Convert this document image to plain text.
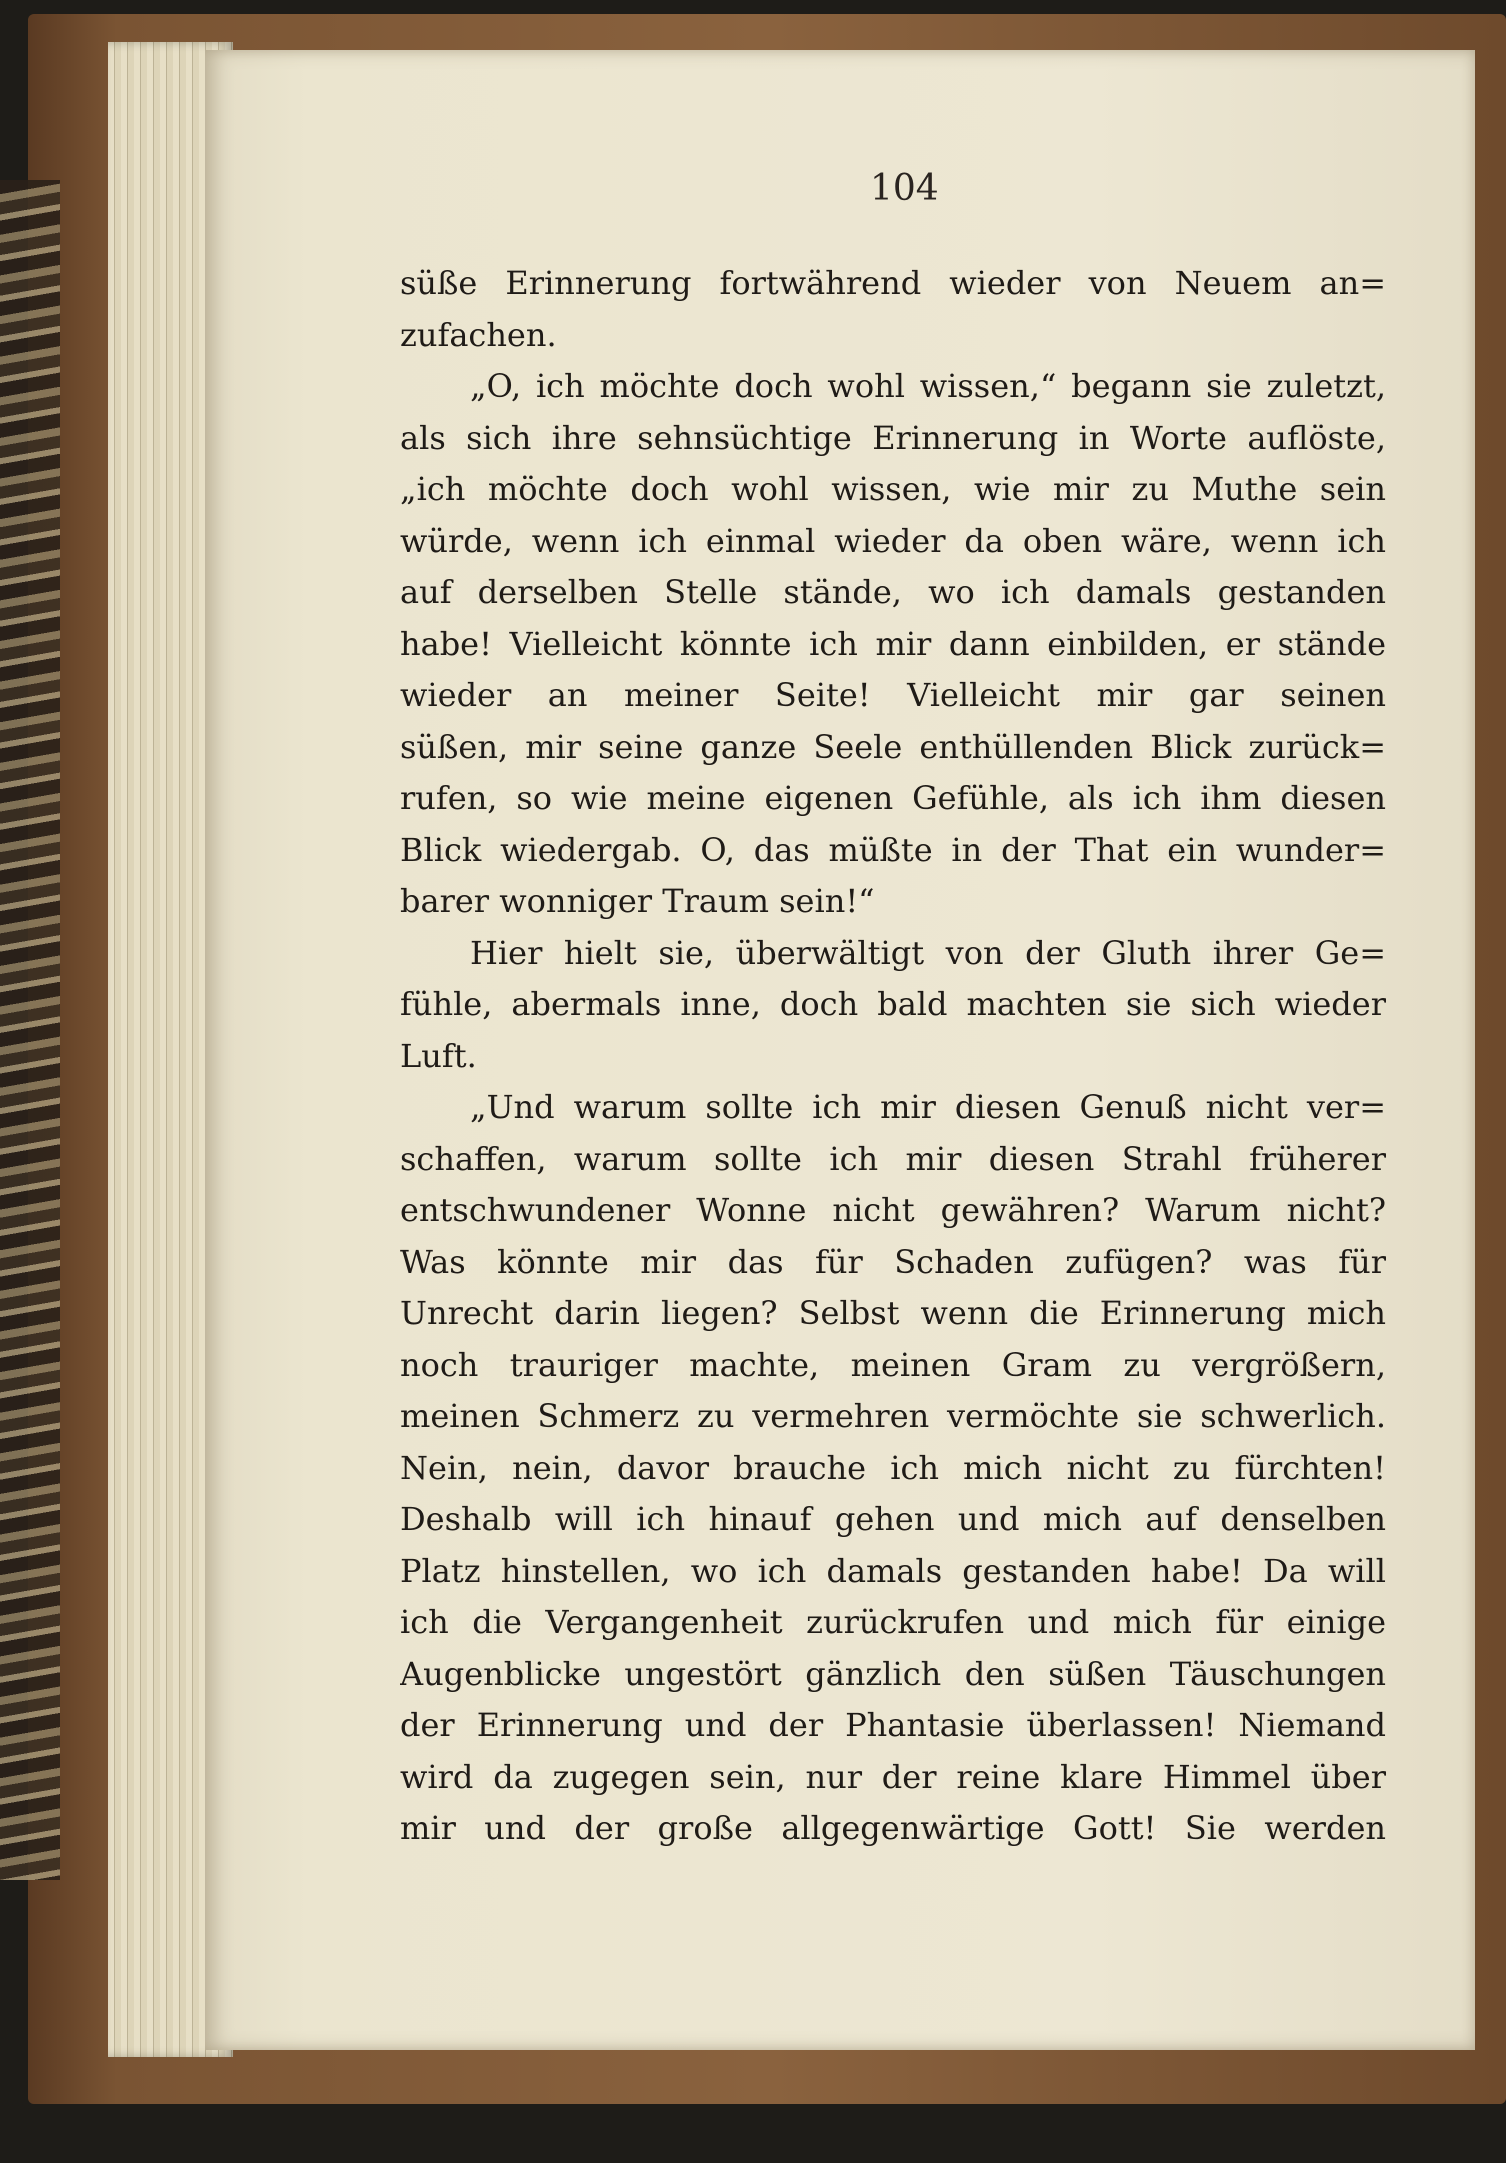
104
süße Erinnerung fortwährend wieder von Neuem an=
zufachen.
„O, ich möchte doch wohl wissen,“ begann sie zuletzt,
als sich ihre sehnsüchtige Erinnerung in Worte auflöste,
„ich möchte doch wohl wissen, wie mir zu Muthe sein
würde, wenn ich einmal wieder da oben wäre, wenn ich
auf derselben Stelle stände, wo ich damals gestanden
habe! Vielleicht könnte ich mir dann einbilden, er stände
wieder an meiner Seite! Vielleicht mir gar seinen
süßen, mir seine ganze Seele enthüllenden Blick zurück=
rufen, so wie meine eigenen Gefühle, als ich ihm diesen
Blick wiedergab. O, das müßte in der That ein wunder=
barer wonniger Traum sein!“
Hier hielt sie, überwältigt von der Gluth ihrer Ge=
fühle, abermals inne, doch bald machten sie sich wieder
Luft.
„Und warum sollte ich mir diesen Genuß nicht ver=
schaffen, warum sollte ich mir diesen Strahl früherer
entschwundener Wonne nicht gewähren? Warum nicht?
Was könnte mir das für Schaden zufügen? was für
Unrecht darin liegen? Selbst wenn die Erinnerung mich
noch trauriger machte, meinen Gram zu vergrößern,
meinen Schmerz zu vermehren vermöchte sie schwerlich.
Nein, nein, davor brauche ich mich nicht zu fürchten!
Deshalb will ich hinauf gehen und mich auf denselben
Platz hinstellen, wo ich damals gestanden habe! Da will
ich die Vergangenheit zurückrufen und mich für einige
Augenblicke ungestört gänzlich den süßen Täuschungen
der Erinnerung und der Phantasie überlassen! Niemand
wird da zugegen sein, nur der reine klare Himmel über
mir und der große allgegenwärtige Gott! Sie werden
